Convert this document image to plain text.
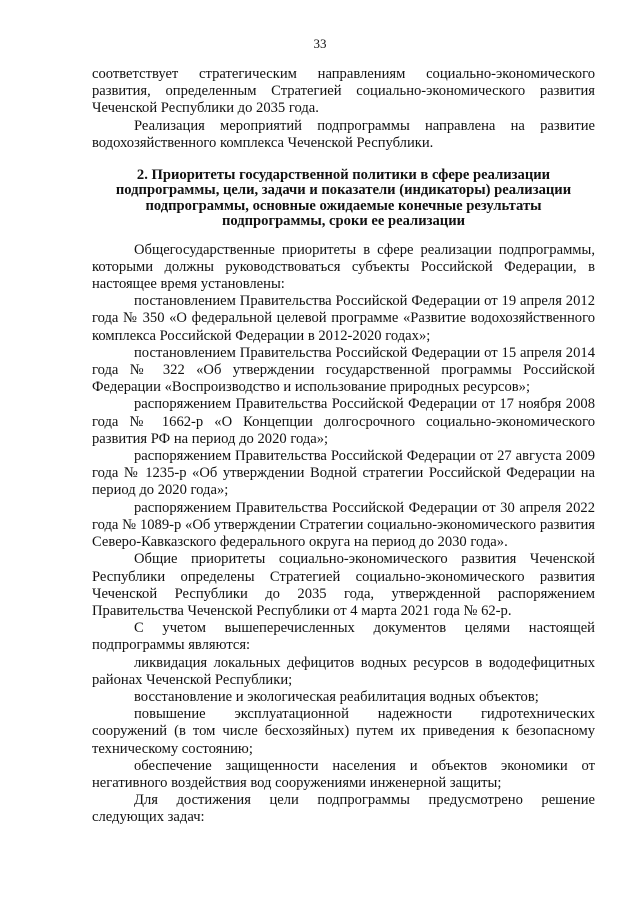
33

соответствует стратегическим направлениям социально-экономического развития, определенным Стратегией социально-экономического развития Чеченской Республики до 2035 года.

Реализация мероприятий подпрограммы направлена на развитие водохозяйственного комплекса Чеченской Республики.

2. Приоритеты государственной политики в сфере реализации подпрограммы, цели, задачи и показатели (индикаторы) реализации подпрограммы, основные ожидаемые конечные результаты подпрограммы, сроки ее реализации

Общегосударственные приоритеты в сфере реализации подпрограммы, которыми должны руководствоваться субъекты Российской Федерации, в настоящее время установлены:

постановлением Правительства Российской Федерации от 19 апреля 2012 года № 350 «О федеральной целевой программе «Развитие водохозяйственного комплекса Российской Федерации в 2012-2020 годах»;

постановлением Правительства Российской Федерации от 15 апреля 2014 года № 322 «Об утверждении государственной программы Российской Федерации «Воспроизводство и использование природных ресурсов»;

распоряжением Правительства Российской Федерации от 17 ноября 2008 года № 1662-р «О Концепции долгосрочного социально-экономического развития РФ на период до 2020 года»;

распоряжением Правительства Российской Федерации от 27 августа 2009 года № 1235-р «Об утверждении Водной стратегии Российской Федерации на период до 2020 года»;

распоряжением Правительства Российской Федерации от 30 апреля 2022 года № 1089-р «Об утверждении Стратегии социально-экономического развития Северо-Кавказского федерального округа на период до 2030 года».

Общие приоритеты социально-экономического развития Чеченской Республики определены Стратегией социально-экономического развития Чеченской Республики до 2035 года, утвержденной распоряжением Правительства Чеченской Республики от 4 марта 2021 года № 62-р.

С учетом вышеперечисленных документов целями настоящей подпрограммы являются:

ликвидация локальных дефицитов водных ресурсов в вододефицитных районах Чеченской Республики;

восстановление и экологическая реабилитация водных объектов;

повышение эксплуатационной надежности гидротехнических сооружений (в том числе бесхозяйных) путем их приведения к безопасному техническому состоянию;

обеспечение защищенности населения и объектов экономики от негативного воздействия вод сооружениями инженерной защиты;

Для достижения цели подпрограммы предусмотрено решение следующих задач:
